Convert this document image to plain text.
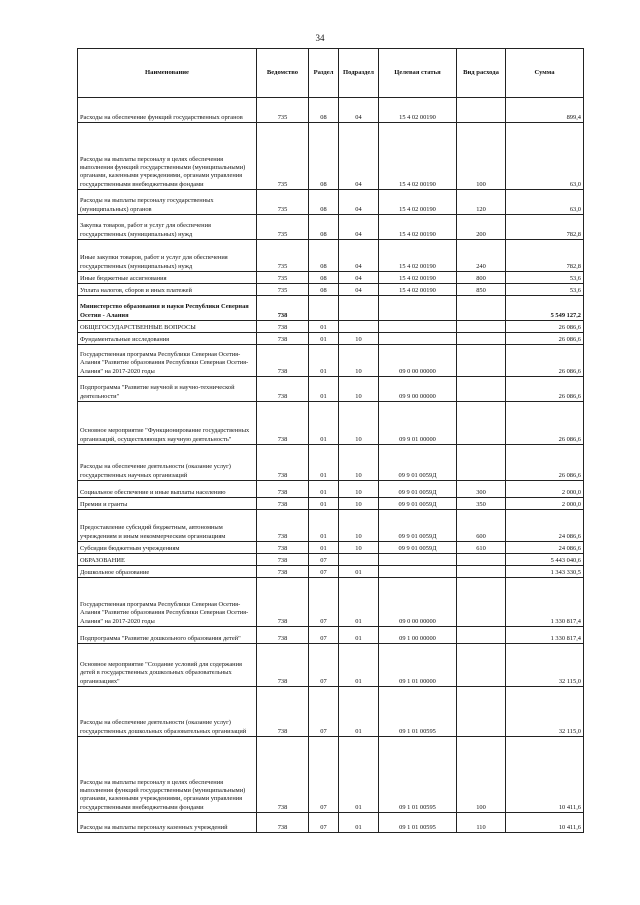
34
Наименование	Ведомство	Раздел	Подраздел	Целевая статья	Вид расхода	Сумма
Расходы на обеспечение функций государственных органов	735	08	04	15 4 02 00190		899,4
Расходы на выплаты персоналу в целях обеспечения выполнения функций государственными (муниципальными) органами, казенными учреждениями, органами управления государственными внебюджетными фондами	735	08	04	15 4 02 00190	100	63,0
Расходы на выплаты персоналу государственных (муниципальных) органов	735	08	04	15 4 02 00190	120	63,0
Закупка товаров, работ и услуг для обеспечения государственных (муниципальных) нужд	735	08	04	15 4 02 00190	200	782,8
Иные закупки товаров, работ и услуг для обеспечения государственных (муниципальных) нужд	735	08	04	15 4 02 00190	240	782,8
Иные бюджетные ассигнования	735	08	04	15 4 02 00190	800	53,6
Уплата налогов, сборов и иных платежей	735	08	04	15 4 02 00190	850	53,6
Министерство образования и науки Республики Северная Осетия - Алания	738					5 549 127,2
ОБЩЕГОСУДАРСТВЕННЫЕ ВОПРОСЫ	738	01				26 086,6
Фундаментальные исследования	738	01	10			26 086,6
Государственная программа Республики Северная Осетия-Алания "Развитие образования Республики Северная Осетия-Алания" на 2017-2020 годы	738	01	10	09 0 00 00000		26 086,6
Подпрограмма "Развитие научной и научно-технической деятельности"	738	01	10	09 9 00 00000		26 086,6
Основное мероприятие "Функционирование государственных организаций, осуществляющих научную деятельность"	738	01	10	09 9 01 00000		26 086,6
Расходы на обеспечение деятельности (оказание услуг) государственных научных организаций	738	01	10	09 9 01 0059Д		26 086,6
Социальное обеспечение и иные выплаты населению	738	01	10	09 9 01 0059Д	300	2 000,0
Премии и гранты	738	01	10	09 9 01 0059Д	350	2 000,0
Предоставление субсидий бюджетным, автономным учреждениям и иным некоммерческим организациям	738	01	10	09 9 01 0059Д	600	24 086,6
Субсидии бюджетным учреждениям	738	01	10	09 9 01 0059Д	610	24 086,6
ОБРАЗОВАНИЕ	738	07				5 443 040,6
Дошкольное образование	738	07	01			1 343 330,5
Государственная программа Республики Северная Осетия-Алания "Развитие образования Республики Северная Осетия-Алания" на 2017-2020 годы	738	07	01	09 0 00 00000		1 330 817,4
Подпрограмма "Развитие дошкольного образования детей"	738	07	01	09 1 00 00000		1 330 817,4
Основное мероприятие "Создание условий для содержания детей в государственных дошкольных образовательных организациях"	738	07	01	09 1 01 00000		32 115,0
Расходы на обеспечение деятельности (оказание услуг) государственных дошкольных образовательных организаций	738	07	01	09 1 01 00595		32 115,0
Расходы на выплаты персоналу в целях обеспечения выполнения функций государственными (муниципальными) органами, казенными учреждениями, органами управления государственными внебюджетными фондами	738	07	01	09 1 01 00595	100	10 411,6
Расходы на выплаты персоналу казенных учреждений	738	07	01	09 1 01 00595	110	10 411,6
